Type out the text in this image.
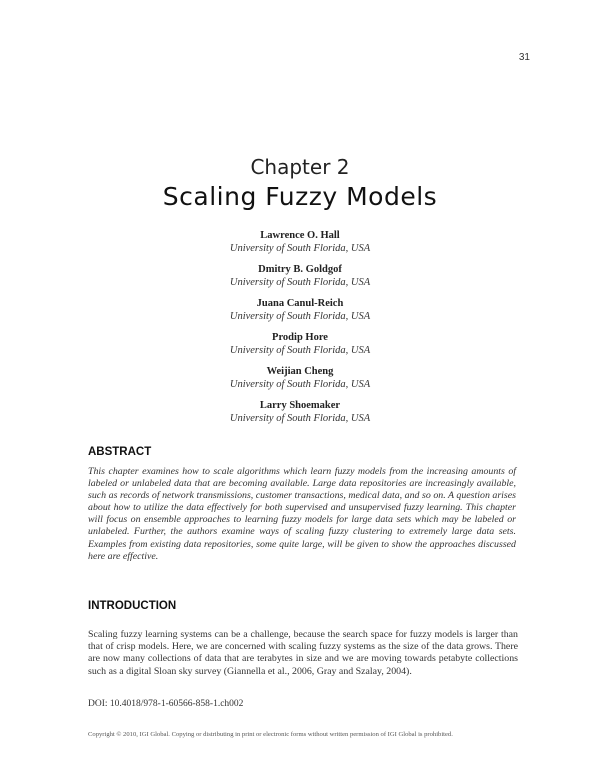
31
Chapter 2
Scaling Fuzzy Models
Lawrence O. Hall
University of South Florida, USA
Dmitry B. Goldgof
University of South Florida, USA
Juana Canul-Reich
University of South Florida, USA
Prodip Hore
University of South Florida, USA
Weijian Cheng
University of South Florida, USA
Larry Shoemaker
University of South Florida, USA
ABSTRACT
This chapter examines how to scale algorithms which learn fuzzy models from the increasing amounts of labeled or unlabeled data that are becoming available. Large data repositories are increasingly available, such as records of network transmissions, customer transactions, medical data, and so on. A question arises about how to utilize the data effectively for both supervised and unsupervised fuzzy learning. This chapter will focus on ensemble approaches to learning fuzzy models for large data sets which may be labeled or unlabeled. Further, the authors examine ways of scaling fuzzy clustering to extremely large data sets. Examples from existing data repositories, some quite large, will be given to show the approaches discussed here are effective.
INTRODUCTION
Scaling fuzzy learning systems can be a challenge, because the search space for fuzzy models is larger than that of crisp models. Here, we are concerned with scaling fuzzy systems as the size of the data grows. There are now many collections of data that are terabytes in size and we are moving towards petabyte collections such as a digital Sloan sky survey (Giannella et al., 2006, Gray and Szalay, 2004).
DOI: 10.4018/978-1-60566-858-1.ch002
Copyright © 2010, IGI Global. Copying or distributing in print or electronic forms without written permission of IGI Global is prohibited.
